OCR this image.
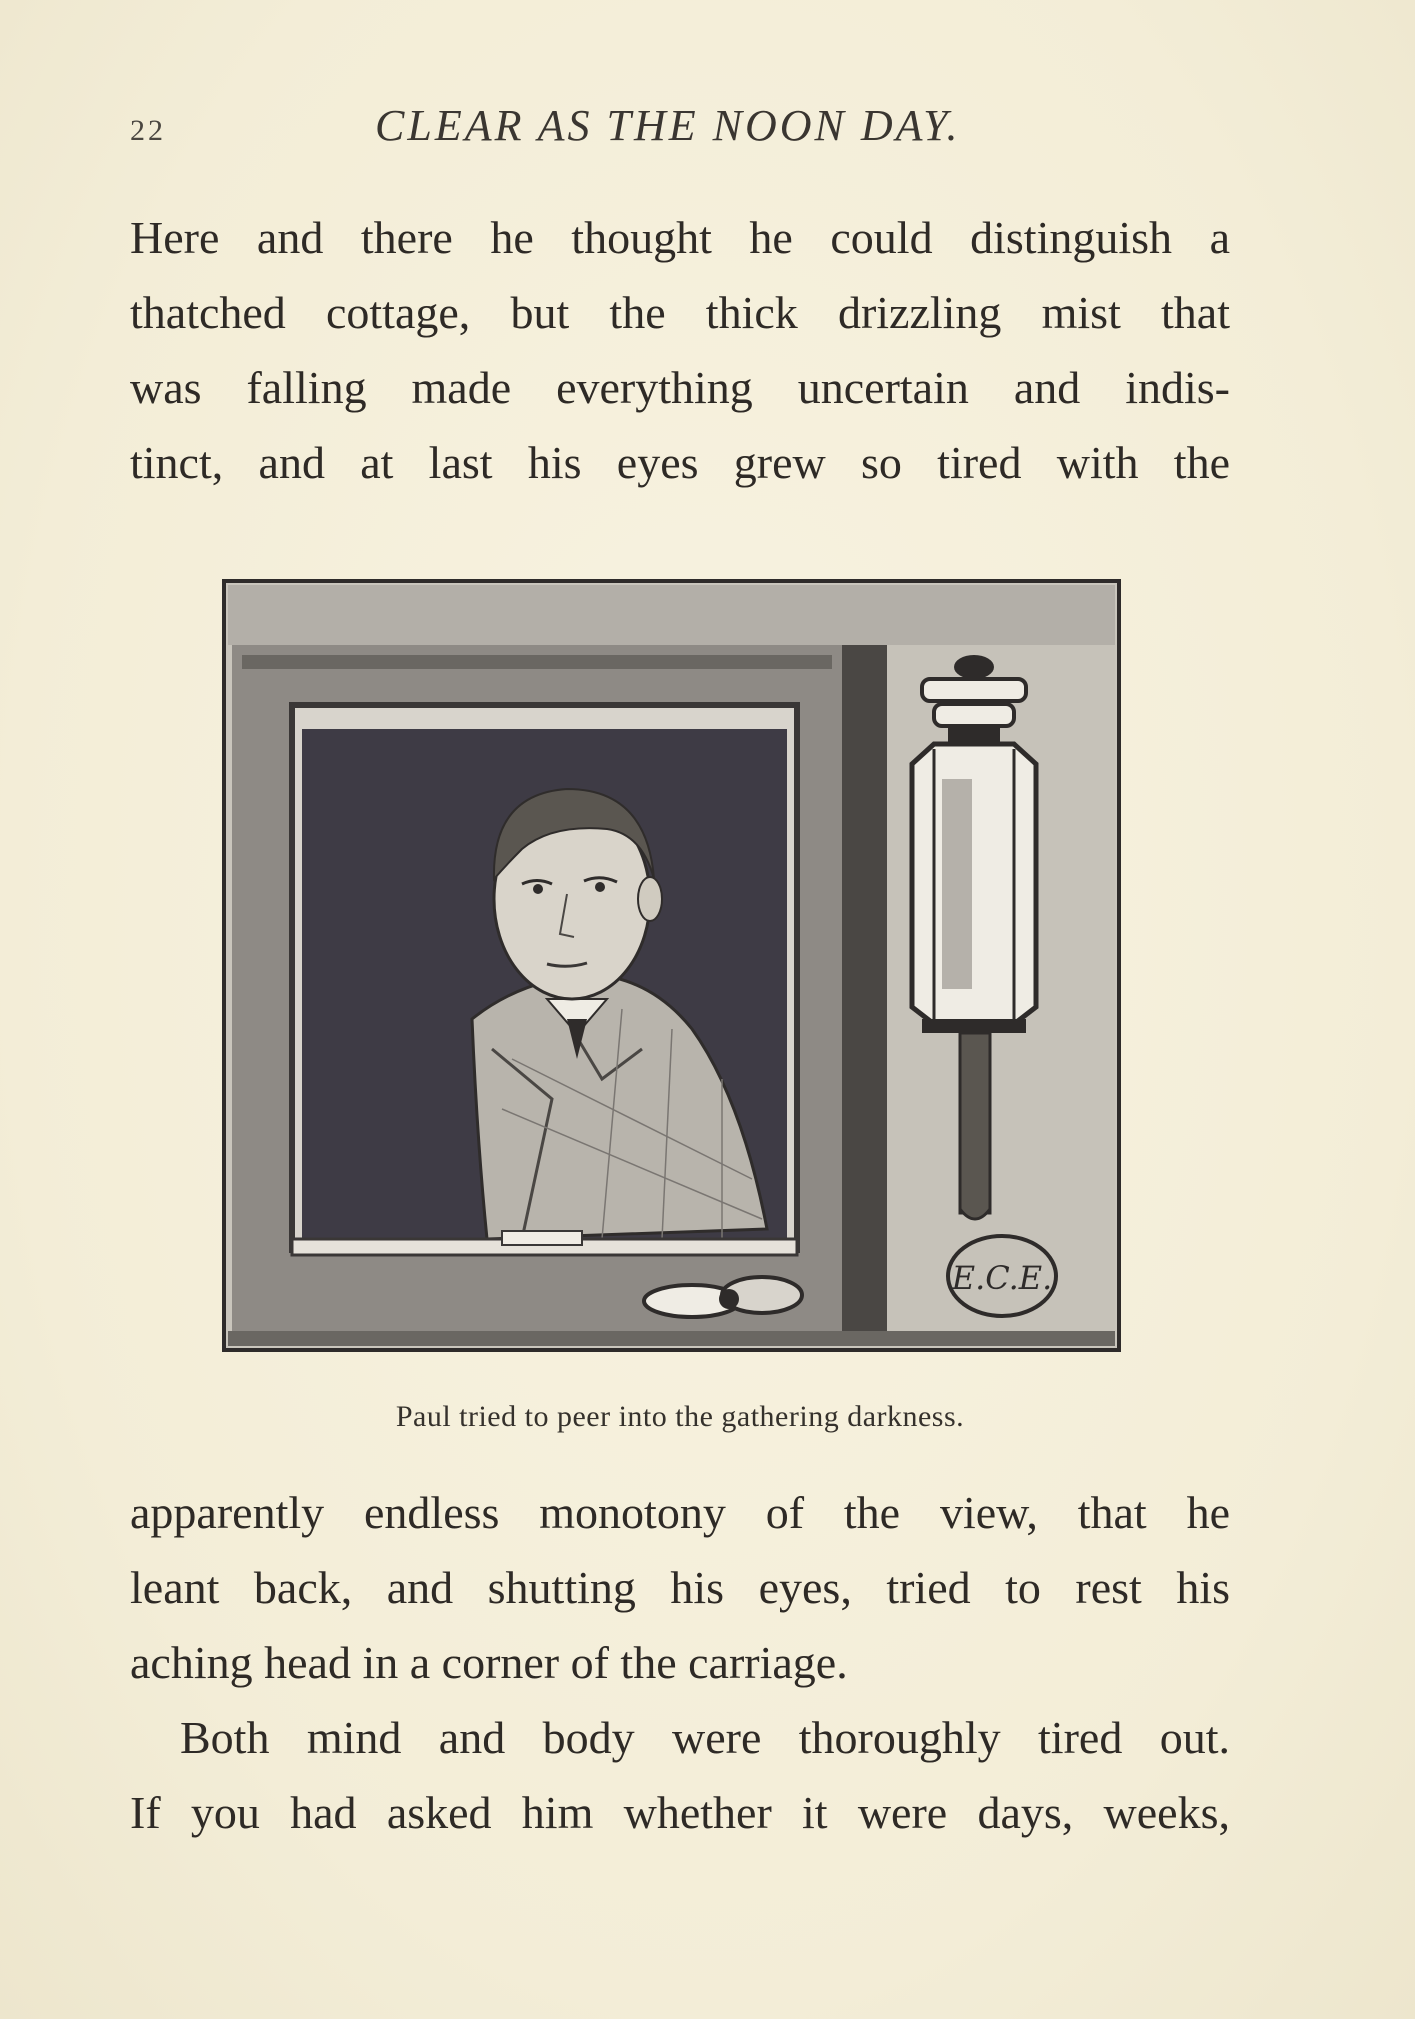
22	CLEAR AS THE NOON DAY.
Here and there he thought he could distinguish a
thatched cottage, but the thick drizzling mist that
was falling made everything uncertain and indis-
tinct, and at last his eyes grew so tired with the
E.C.E.
Paul tried to peer into the gathering darkness.
apparently endless monotony of the view, that he
leant back, and shutting his eyes, tried to rest his
aching head in a corner of the carriage.
Both mind and body were thoroughly tired out.
If you had asked him whether it were days, weeks,
